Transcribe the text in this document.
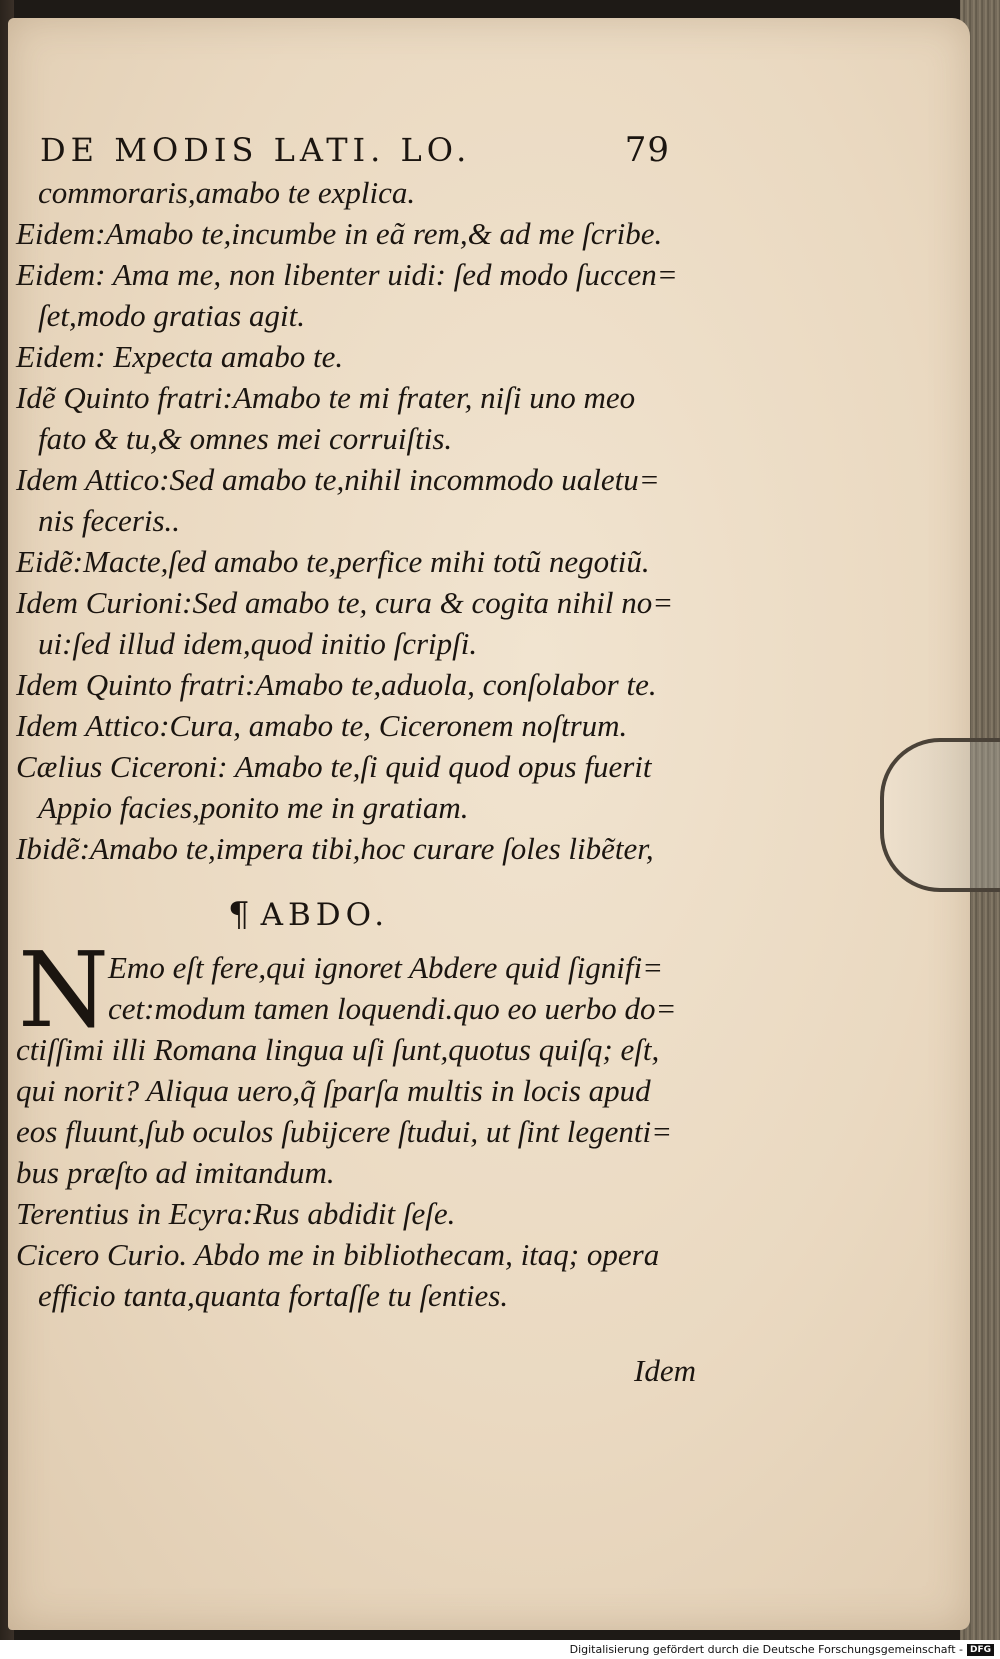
DE MODIS LATI. LO.	79
commoraris,amabo te explica.
Eidem:Amabo te,incumbe in eã rem,& ad me ſcribe.
Eidem: Ama me, non libenter uidi: ſed modo ſuccen=
ſet,modo gratias agit.
Eidem: Expecta amabo te.
Idẽ Quinto fratri:Amabo te mi frater, niſi uno meo
fato & tu,& omnes mei corruiſtis.
Idem Attico:Sed amabo te,nihil incommodo ualetu=
nis feceris..
Eidẽ:Macte,ſed amabo te,perfice mihi totũ negotiũ.
Idem Curioni:Sed amabo te, cura & cogita nihil no=
ui:ſed illud idem,quod initio ſcripſi.
Idem Quinto fratri:Amabo te,aduola, conſolabor te.
Idem Attico:Cura, amabo te, Ciceronem noſtrum.
Cælius Ciceroni: Amabo te,ſi quid quod opus fuerit
Appio facies,ponito me in gratiam.
Ibidẽ:Amabo te,impera tibi,hoc curare ſoles libẽter,
¶ ABDO.
N Emo eſt fere,qui ignoret Abdere quid ſignifi=
cet:modum tamen loquendi.quo eo uerbo do=
ctiſſimi illi Romana lingua uſi ſunt,quotus quiſq; eſt,
qui norit? Aliqua uero,q̃ ſparſa multis in locis apud
eos fluunt,ſub oculos ſubijcere ſtudui, ut ſint legenti=
bus præſto ad imitandum.
Terentius in Ecyra:Rus abdidit ſeſe.
Cicero Curio. Abdo me in bibliothecam, itaq; opera
efficio tanta,quanta fortaſſe tu ſenties.
Idem
Digitalisierung gefördert durch die Deutsche Forschungsgemeinschaft - DFG
